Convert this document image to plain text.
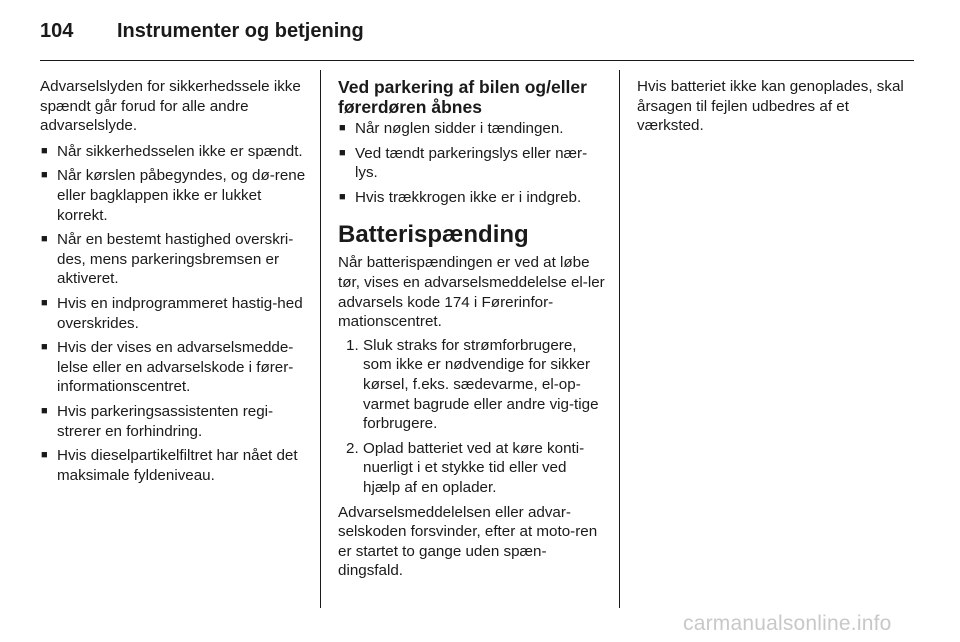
104	Instrumenter og betjening

Advarselslyden for sikkerhedssele ikke spændt går forud for alle andre advarselslyde.

■ Når sikkerhedsselen ikke er spændt.
■ Når kørslen påbegyndes, og dø-rene eller bagklappen ikke er lukket korrekt.
■ Når en bestemt hastighed overskri-des, mens parkeringsbremsen er aktiveret.
■ Hvis en indprogrammeret hastig-hed overskrides.
■ Hvis der vises en advarselsmedde-lelse eller en advarselskode i fører-informationscentret.
■ Hvis parkeringsassistenten regi-strerer en forhindring.
■ Hvis dieselpartikelfiltret har nået det maksimale fyldeniveau.

Ved parkering af bilen og/eller førerdøren åbnes

■ Når nøglen sidder i tændingen.
■ Ved tændt parkeringslys eller nær-lys.
■ Hvis trækkrogen ikke er i indgreb.

Batterispænding

Når batterispændingen er ved at løbe tør, vises en advarselsmeddelelse el-ler advarsels kode 174 i Førerinfor-mationscentret.

1. Sluk straks for strømforbrugere, som ikke er nødvendige for sikker kørsel, f.eks. sædevarme, el-op-varmet bagrude eller andre vig-tige forbrugere.
2. Oplad batteriet ved at køre konti-nuerligt i et stykke tid eller ved hjælp af en oplader.

Advarselsmeddelelsen eller advar-selskoden forsvinder, efter at moto-ren er startet to gange uden spæn-dingsfald.

Hvis batteriet ikke kan genoplades, skal årsagen til fejlen udbedres af et værksted.

carmanualsonline.info
